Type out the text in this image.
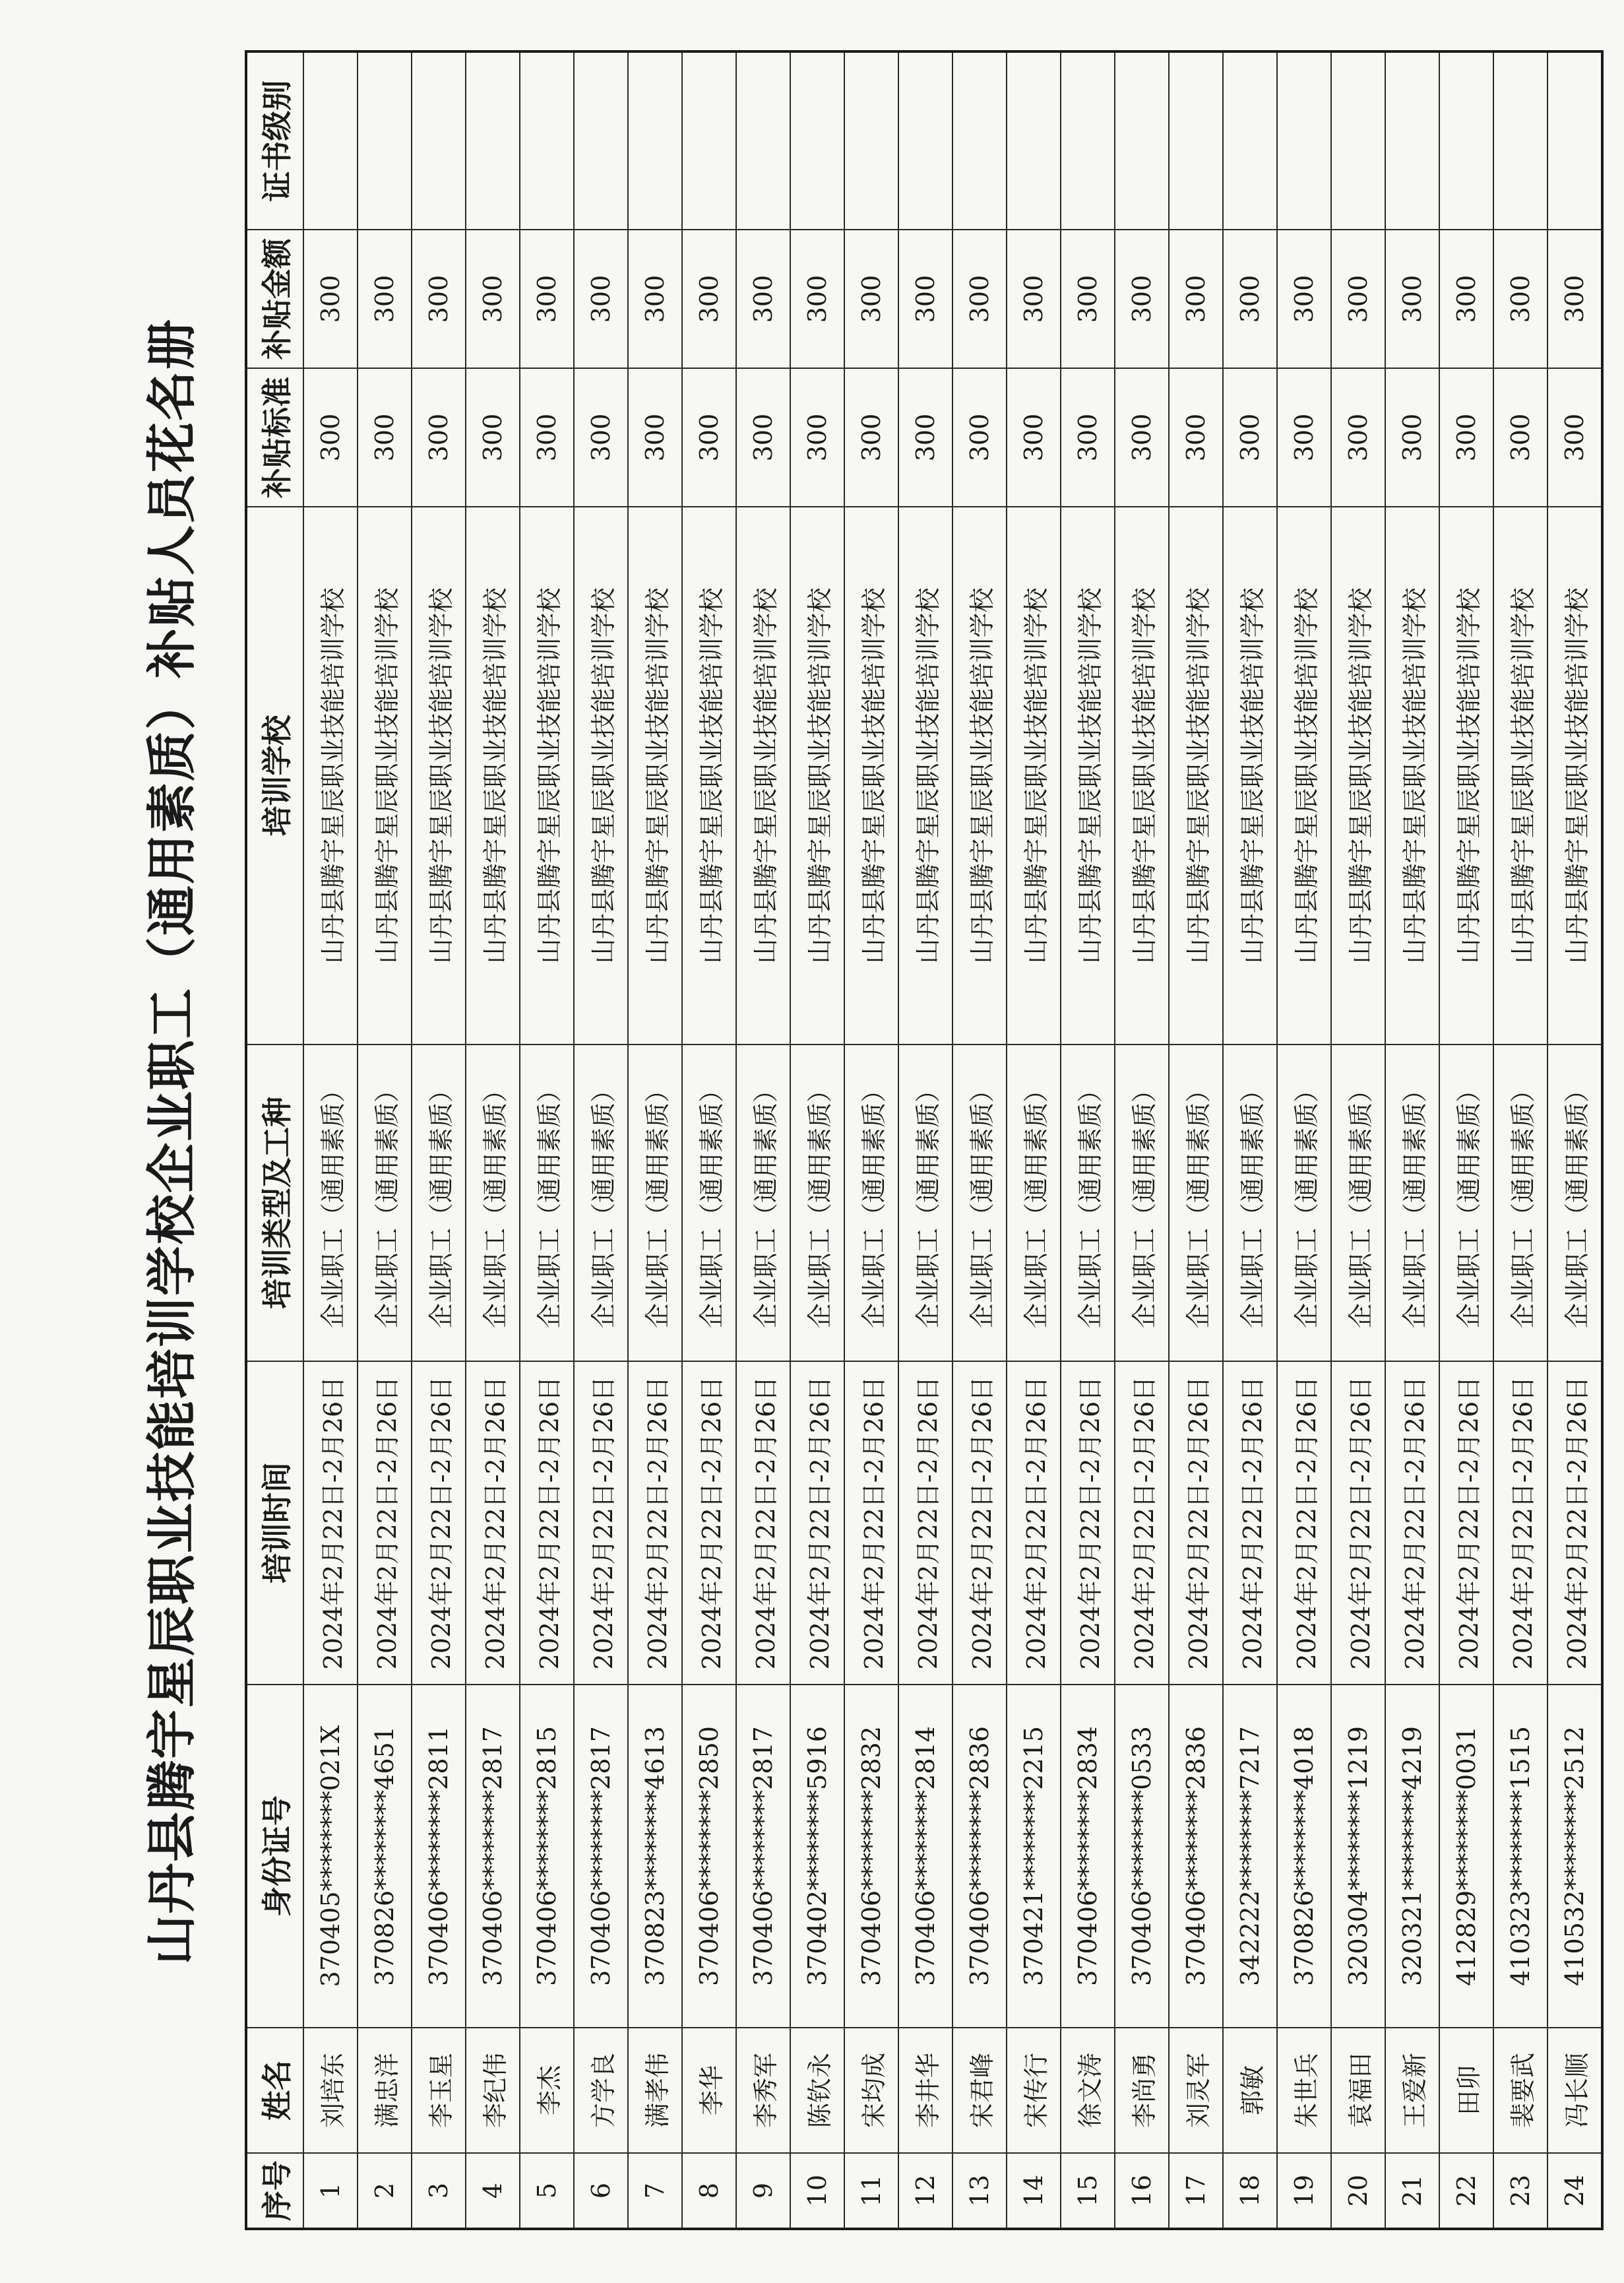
山丹县腾宇星辰职业技能培训学校企业职工（通用素质）补贴人员花名册
序号	姓名	身份证号	培训时间	培训类型及工种	培训学校	补贴标准	补贴金额	证书级别
1	刘培东	370405********021X	2024年2月22日-2月26日	企业职工（通用素质）	山丹县腾宇星辰职业技能培训学校	300	300	
2	满忠洋	370826********4651	2024年2月22日-2月26日	企业职工（通用素质）	山丹县腾宇星辰职业技能培训学校	300	300	
3	李玉星	370406********2811	2024年2月22日-2月26日	企业职工（通用素质）	山丹县腾宇星辰职业技能培训学校	300	300	
4	李纪伟	370406********2817	2024年2月22日-2月26日	企业职工（通用素质）	山丹县腾宇星辰职业技能培训学校	300	300	
5	李杰	370406********2815	2024年2月22日-2月26日	企业职工（通用素质）	山丹县腾宇星辰职业技能培训学校	300	300	
6	方学良	370406********2817	2024年2月22日-2月26日	企业职工（通用素质）	山丹县腾宇星辰职业技能培训学校	300	300	
7	满孝伟	370823********4613	2024年2月22日-2月26日	企业职工（通用素质）	山丹县腾宇星辰职业技能培训学校	300	300	
8	李华	370406********2850	2024年2月22日-2月26日	企业职工（通用素质）	山丹县腾宇星辰职业技能培训学校	300	300	
9	李秀军	370406********2817	2024年2月22日-2月26日	企业职工（通用素质）	山丹县腾宇星辰职业技能培训学校	300	300	
10	陈钦永	370402********5916	2024年2月22日-2月26日	企业职工（通用素质）	山丹县腾宇星辰职业技能培训学校	300	300	
11	宋均成	370406********2832	2024年2月22日-2月26日	企业职工（通用素质）	山丹县腾宇星辰职业技能培训学校	300	300	
12	李井华	370406********2814	2024年2月22日-2月26日	企业职工（通用素质）	山丹县腾宇星辰职业技能培训学校	300	300	
13	宋君峰	370406********2836	2024年2月22日-2月26日	企业职工（通用素质）	山丹县腾宇星辰职业技能培训学校	300	300	
14	宋传行	370421********2215	2024年2月22日-2月26日	企业职工（通用素质）	山丹县腾宇星辰职业技能培训学校	300	300	
15	徐文涛	370406********2834	2024年2月22日-2月26日	企业职工（通用素质）	山丹县腾宇星辰职业技能培训学校	300	300	
16	李尚勇	370406********0533	2024年2月22日-2月26日	企业职工（通用素质）	山丹县腾宇星辰职业技能培训学校	300	300	
17	刘灵军	370406********2836	2024年2月22日-2月26日	企业职工（通用素质）	山丹县腾宇星辰职业技能培训学校	300	300	
18	郭敏	342222********7217	2024年2月22日-2月26日	企业职工（通用素质）	山丹县腾宇星辰职业技能培训学校	300	300	
19	朱世兵	370826********4018	2024年2月22日-2月26日	企业职工（通用素质）	山丹县腾宇星辰职业技能培训学校	300	300	
20	袁福田	320304********1219	2024年2月22日-2月26日	企业职工（通用素质）	山丹县腾宇星辰职业技能培训学校	300	300	
21	王爱新	320321********4219	2024年2月22日-2月26日	企业职工（通用素质）	山丹县腾宇星辰职业技能培训学校	300	300	
22	田卯	412829********0031	2024年2月22日-2月26日	企业职工（通用素质）	山丹县腾宇星辰职业技能培训学校	300	300	
23	裴要武	410323********1515	2024年2月22日-2月26日	企业职工（通用素质）	山丹县腾宇星辰职业技能培训学校	300	300	
24	冯长顺	410532********2512	2024年2月22日-2月26日	企业职工（通用素质）	山丹县腾宇星辰职业技能培训学校	300	300	
